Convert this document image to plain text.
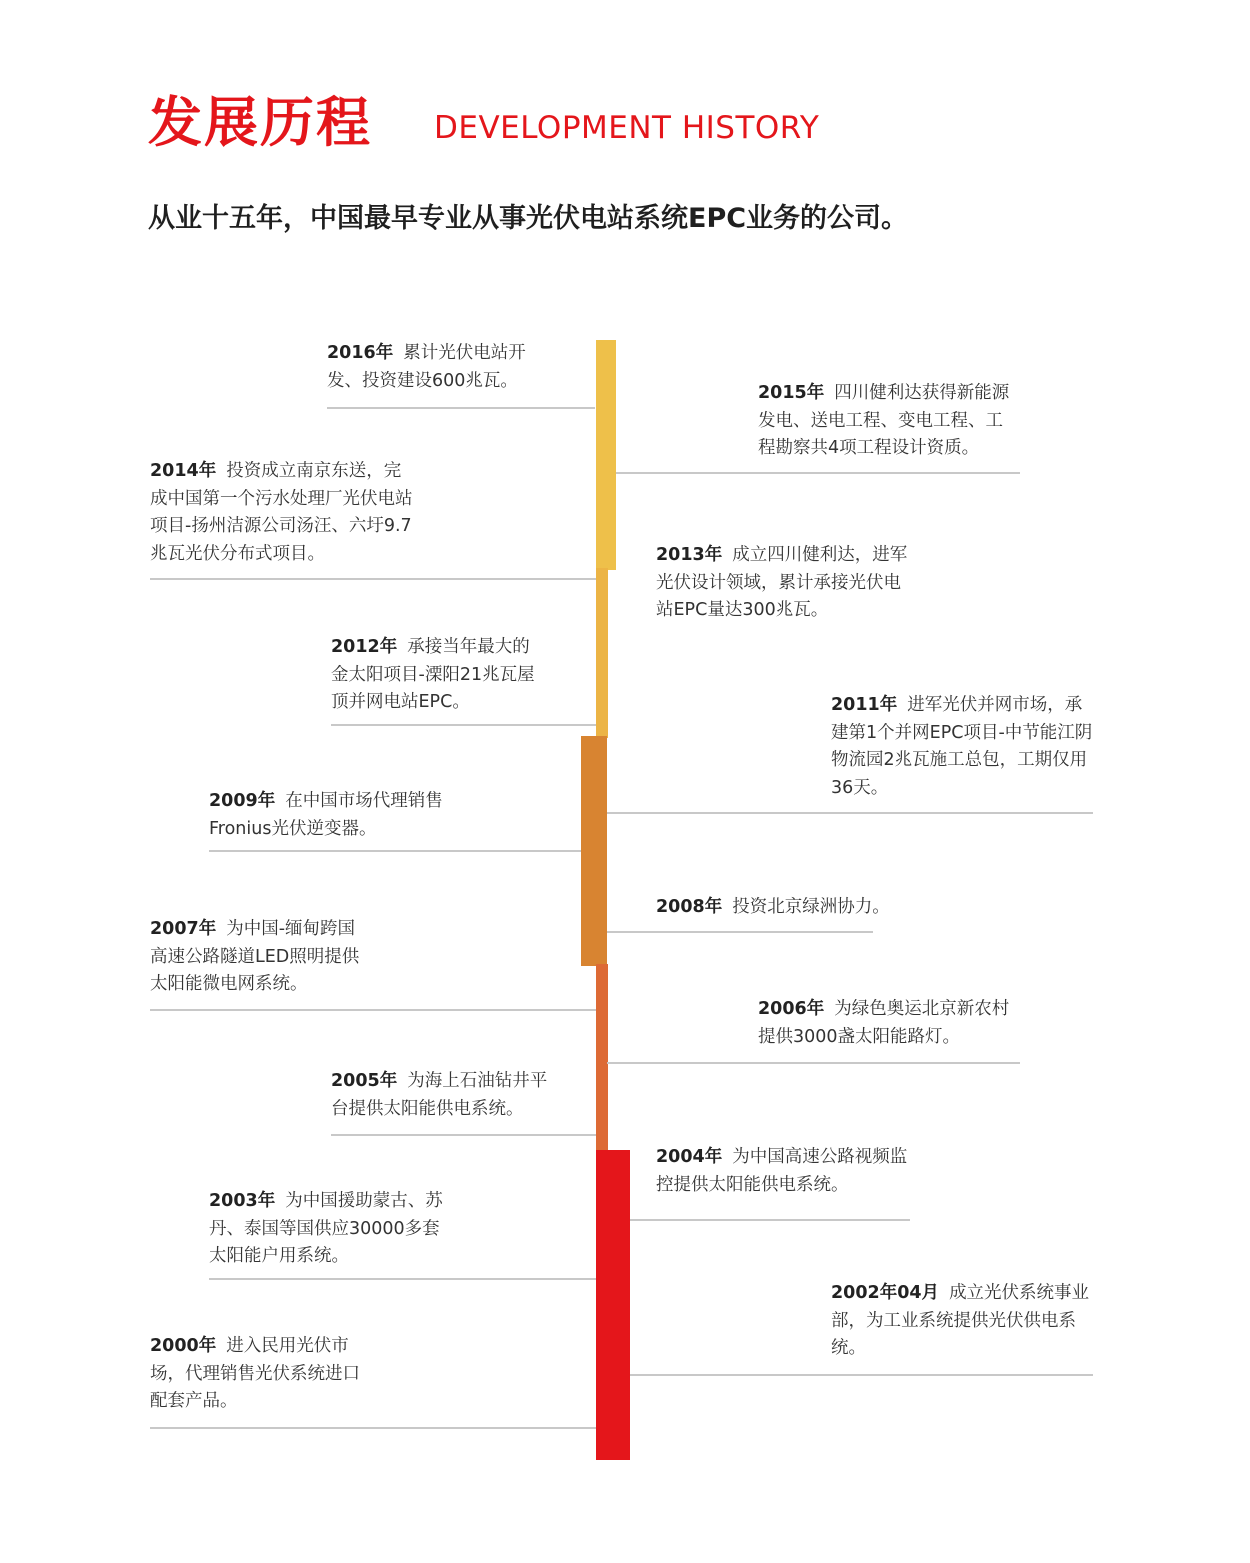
发展历程 DEVELOPMENT HISTORY
从业十五年，中国最早专业从事光伏电站系统EPC业务的公司。
2016年 累计光伏电站开发、投资建设600兆瓦。
2015年 四川健利达获得新能源发电、送电工程、变电工程、工程勘察共4项工程设计资质。
2014年 投资成立南京东送，完成中国第一个污水处理厂光伏电站项目-扬州洁源公司汤汪、六圩9.7兆瓦光伏分布式项目。	2013年 成立四川健利达，进军光伏设计领域，累计承接光伏电站EPC量达300兆瓦。
2012年 承接当年最大的金太阳项目-溧阳21兆瓦屋顶并网电站EPC。	2011年 进军光伏并网市场，承建第1个并网EPC项目-中节能江阴物流园2兆瓦施工总包，工期仅用36天。
2009年 在中国市场代理销售Fronius光伏逆变器。
2008年 投资北京绿洲协力。
2007年 为中国-缅甸跨国高速公路隧道LED照明提供太阳能微电网系统。
2006年 为绿色奥运北京新农村提供3000盏太阳能路灯。
2005年 为海上石油钻井平台提供太阳能供电系统。
2004年 为中国高速公路视频监控提供太阳能供电系统。
2003年 为中国援助蒙古、苏丹、泰国等国供应30000多套太阳能户用系统。
2002年04月 成立光伏系统事业部，为工业系统提供光伏供电系统。
2000年 进入民用光伏市场，代理销售光伏系统进口配套产品。
